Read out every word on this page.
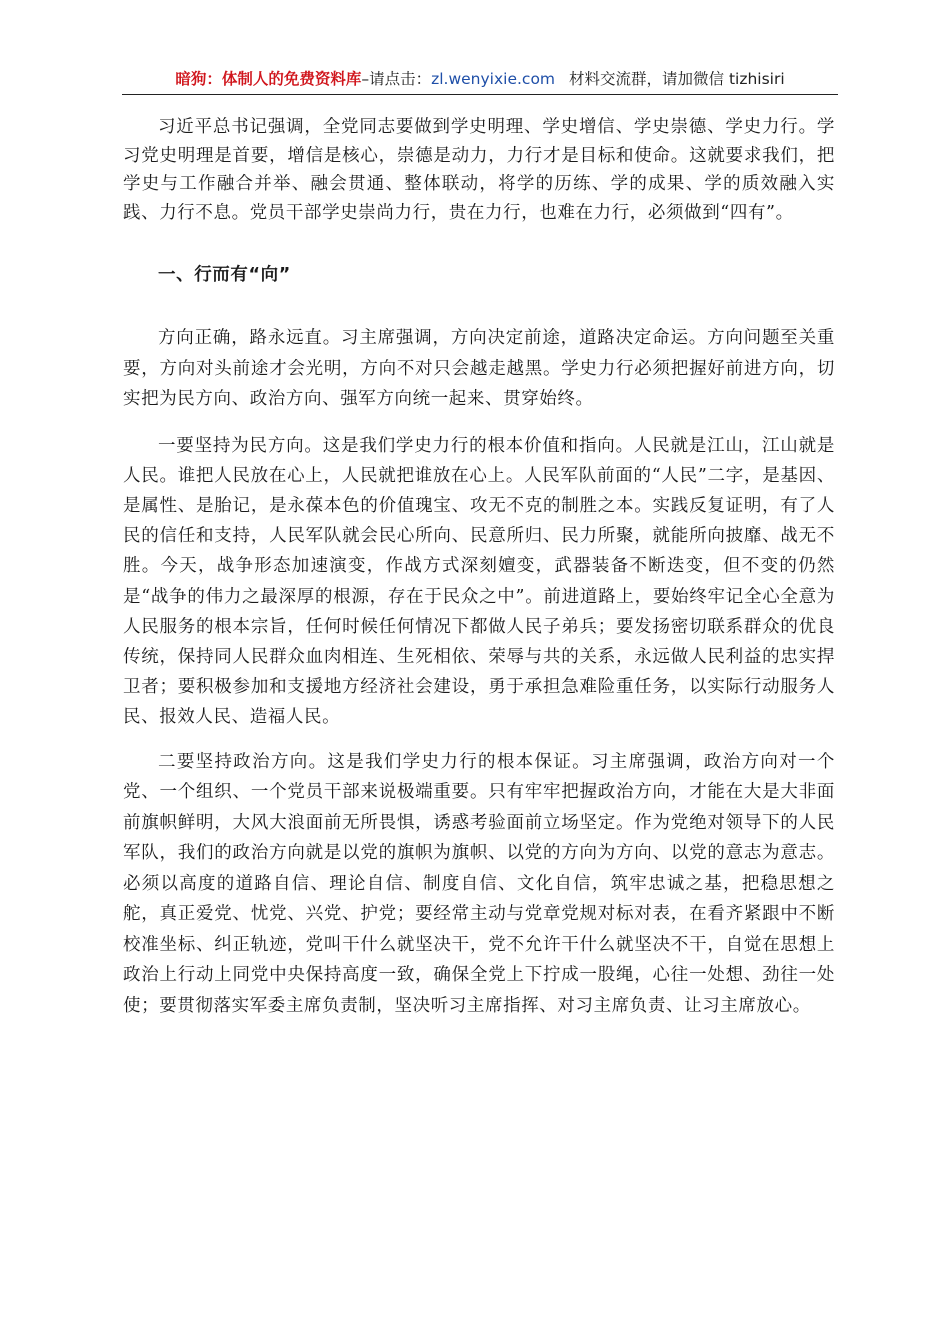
暗狗：体制人的免费资料库–请点击：zl.wenyixie.com 材料交流群，请加微信 tizhisiri

习近平总书记强调，全党同志要做到学史明理、学史增信、学史崇德、学史力行。学习党史明理是首要，增信是核心，崇德是动力，力行才是目标和使命。这就要求我们，把学史与工作融合并举、融会贯通、整体联动，将学的历练、学的成果、学的质效融入实践、力行不息。党员干部学史崇尚力行，贵在力行，也难在力行，必须做到“四有”。

一、行而有“向”

方向正确，路永远直。习主席强调，方向决定前途，道路决定命运。方向问题至关重要，方向对头前途才会光明，方向不对只会越走越黑。学史力行必须把握好前进方向，切实把为民方向、政治方向、强军方向统一起来、贯穿始终。

一要坚持为民方向。这是我们学史力行的根本价值和指向。人民就是江山，江山就是人民。谁把人民放在心上，人民就把谁放在心上。人民军队前面的“人民”二字，是基因、是属性、是胎记，是永葆本色的价值瑰宝、攻无不克的制胜之本。实践反复证明，有了人民的信任和支持，人民军队就会民心所向、民意所归、民力所聚，就能所向披靡、战无不胜。今天，战争形态加速演变，作战方式深刻嬗变，武器装备不断迭变，但不变的仍然是“战争的伟力之最深厚的根源，存在于民众之中”。前进道路上，要始终牢记全心全意为人民服务的根本宗旨，任何时候任何情况下都做人民子弟兵；要发扬密切联系群众的优良传统，保持同人民群众血肉相连、生死相依、荣辱与共的关系，永远做人民利益的忠实捍卫者；要积极参加和支援地方经济社会建设，勇于承担急难险重任务，以实际行动服务人民、报效人民、造福人民。

二要坚持政治方向。这是我们学史力行的根本保证。习主席强调，政治方向对一个党、一个组织、一个党员干部来说极端重要。只有牢牢把握政治方向，才能在大是大非面前旗帜鲜明，大风大浪面前无所畏惧，诱惑考验面前立场坚定。作为党绝对领导下的人民军队，我们的政治方向就是以党的旗帜为旗帜、以党的方向为方向、以党的意志为意志。必须以高度的道路自信、理论自信、制度自信、文化自信，筑牢忠诚之基，把稳思想之舵，真正爱党、忧党、兴党、护党；要经常主动与党章党规对标对表，在看齐紧跟中不断校准坐标、纠正轨迹，党叫干什么就坚决干，党不允许干什么就坚决不干，自觉在思想上政治上行动上同党中央保持高度一致，确保全党上下拧成一股绳，心往一处想、劲往一处使；要贯彻落实军委主席负责制，坚决听习主席指挥、对习主席负责、让习主席放心。
